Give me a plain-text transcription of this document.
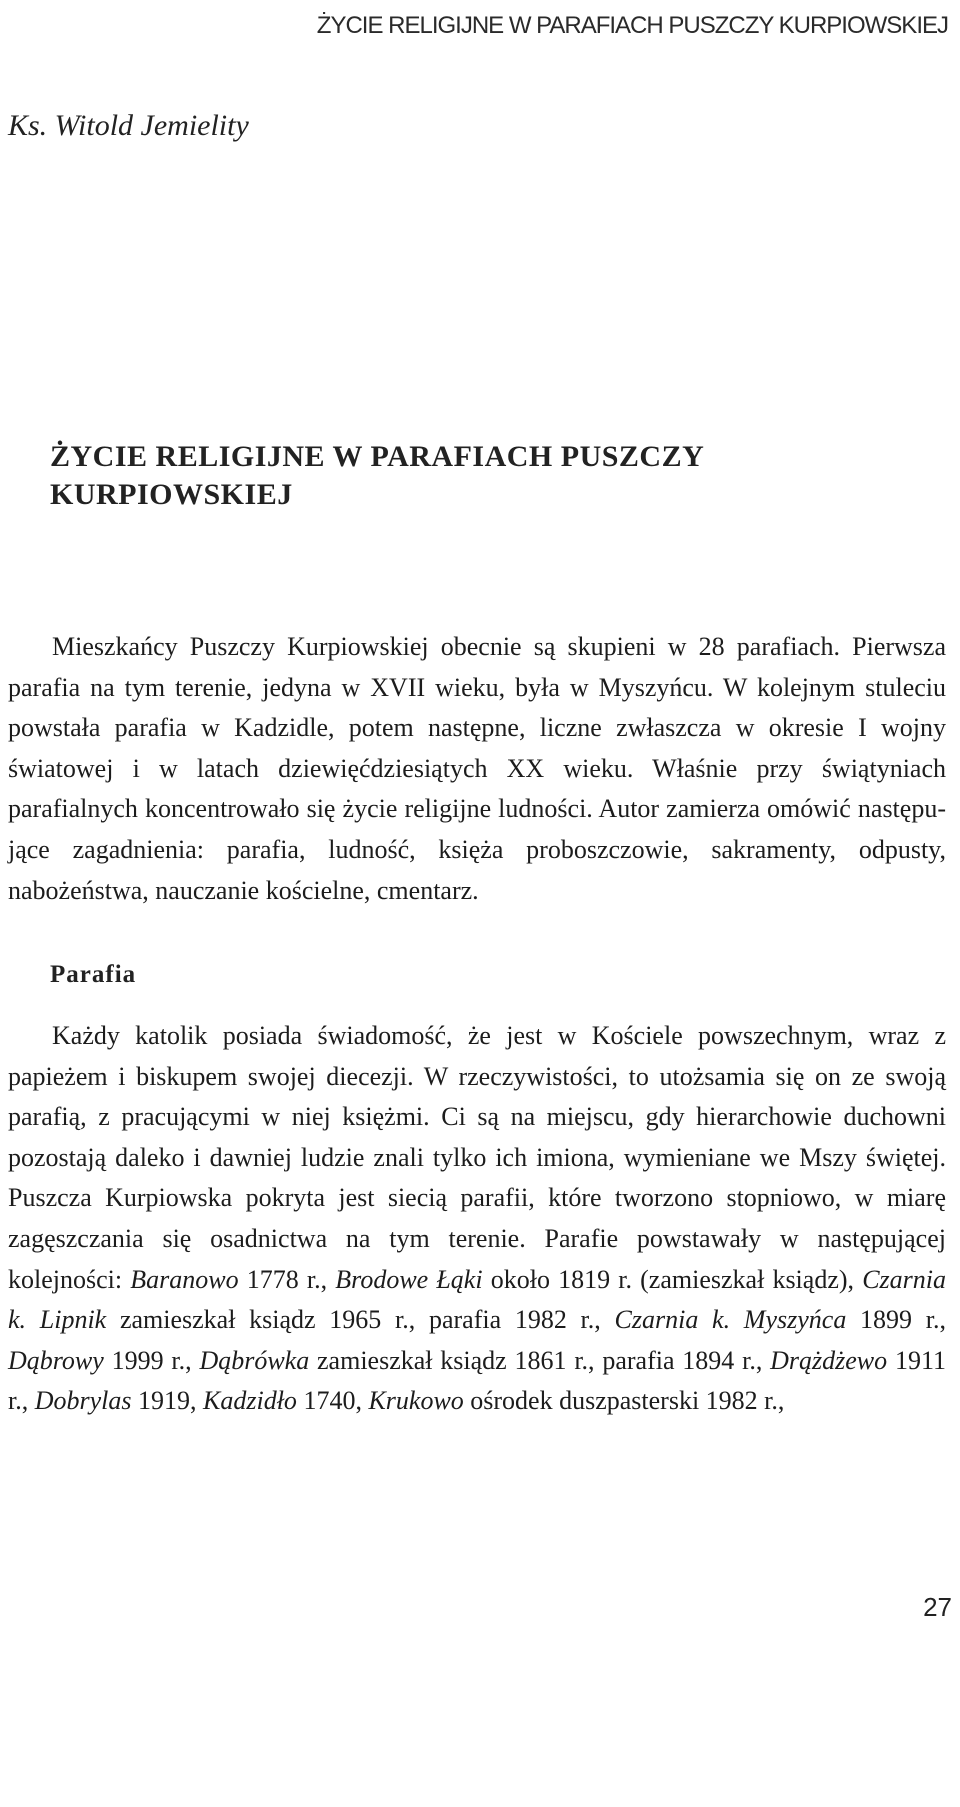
ŻYCIE RELIGIJNE W PARAFIACH PUSZCZY KURPIOWSKIEJ
Ks. Witold Jemielity
ŻYCIE RELIGIJNE W PARAFIACH PUSZCZY KURPIOWSKIEJ

Mieszkańcy Puszczy Kurpiowskiej obecnie są skupieni w 28 parafiach. Pierwsza parafia na tym terenie, jedyna w XVII wieku, była w Myszyńcu. W kolejnym stuleciu powstała parafia w Kadzidle, potem następne, liczne zwłaszcza w okresie I wojny światowej i w latach dziewięćdziesiątych XX wieku. Właśnie przy świątyniach parafialnych koncentrowało się życie religijne ludności. Autor zamierza omówić następujące zagadnienia: parafia, ludność, księża proboszczowie, sakramenty, odpusty, nabożeństwa, nauczanie kościelne, cmentarz.

Parafia

Każdy katolik posiada świadomość, że jest w Kościele powszechnym, wraz z papieżem i biskupem swojej diecezji. W rzeczywistości, to utożsamia się on ze swoją parafią, z pracującymi w niej księżmi. Ci są na miejscu, gdy hierarchowie duchowni pozostają daleko i dawniej ludzie znali tylko ich imiona, wymieniane we Mszy świętej. Puszcza Kurpiowska pokryta jest siecią parafii, które tworzono stopniowo, w miarę zagęszczania się osadnictwa na tym terenie. Parafie powstawały w następującej kolejności: Baranowo 1778 r., Brodowe Łąki około 1819 r. (zamieszkał ksiądz), Czarnia k. Lipnik zamieszkał ksiądz 1965 r., parafia 1982 r., Czarnia k. Myszyńca 1899 r., Dąbrowy 1999 r., Dąbrówka zamieszkał ksiądz 1861 r., parafia 1894 r., Drążdżewo 1911 r., Dobrylas 1919, Kadzidło 1740, Krukowo ośrodek duszpasterski 1982 r.,

27
